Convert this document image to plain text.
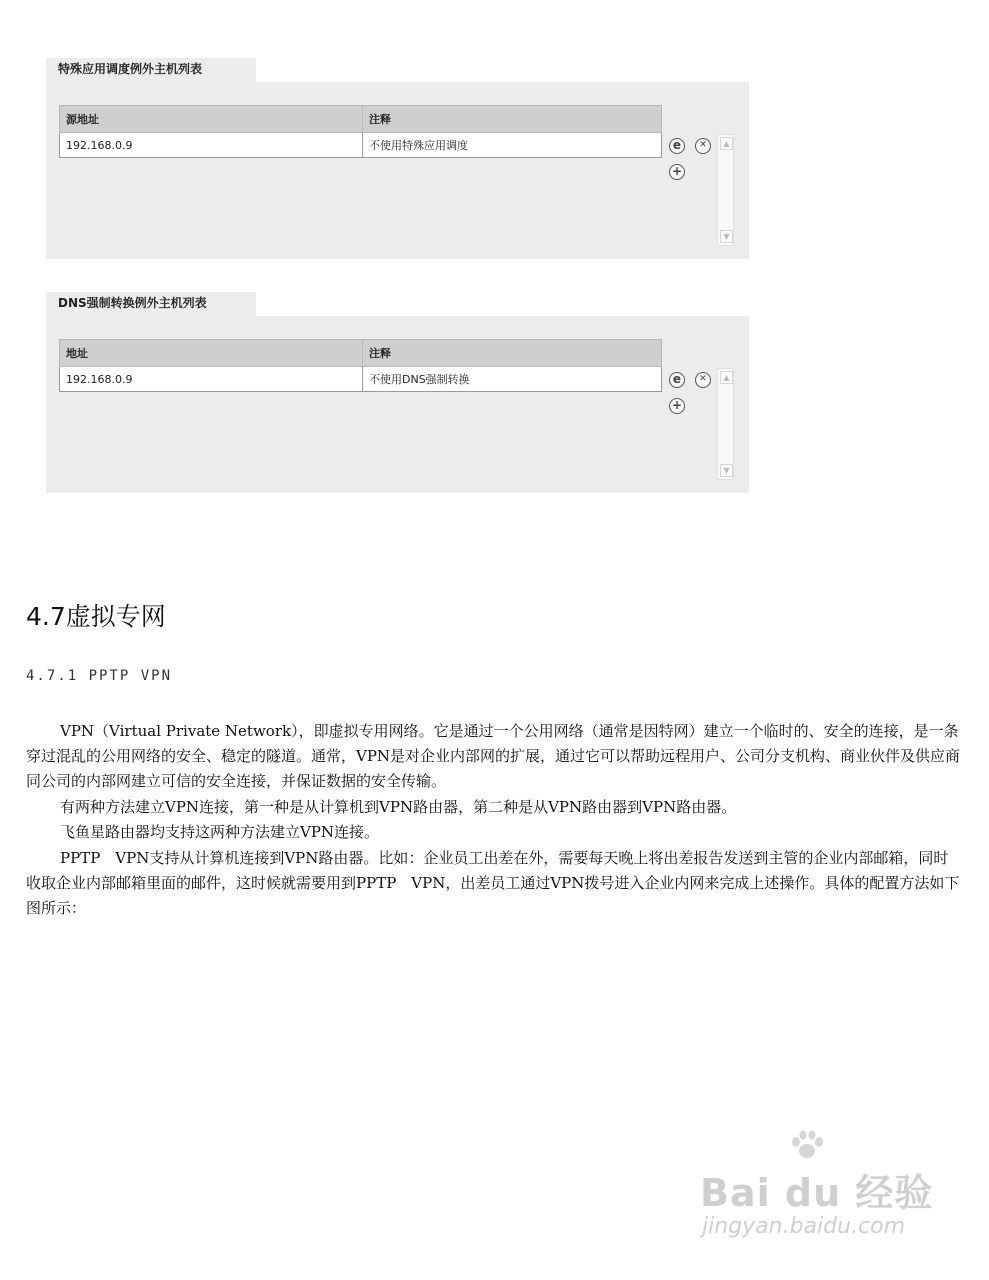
特殊应用调度例外主机列表
源地址	注释
192.168.0.9	不使用特殊应用调度	e	✕
+
▲
▼
DNS强制转换例外主机列表
地址	注释
192.168.0.9	不使用DNS强制转换	e	✕
+
▲
▼
4.7虚拟专网
4.7.1 PPTP VPN
VPN（Virtual Private Network），即虚拟专用网络。它是通过一个公用网络（通常是因特网）建立一个临时的、安全的连接，是一条穿过混乱的公用网络的安全、稳定的隧道。通常，VPN是对企业内部网的扩展，通过它可以帮助远程用户、公司分支机构、商业伙伴及供应商同公司的内部网建立可信的安全连接，并保证数据的安全传输。
有两种方法建立VPN连接，第一种是从计算机到VPN路由器，第二种是从VPN路由器到VPN路由器。
飞鱼星路由器均支持这两种方法建立VPN连接。
PPTP　VPN支持从计算机连接到VPN路由器。比如：企业员工出差在外，需要每天晚上将出差报告发送到主管的企业内部邮箱，同时收取企业内部邮箱里面的邮件，这时候就需要用到PPTP　VPN，出差员工通过VPN拨号进入企业内网来完成上述操作。具体的配置方法如下图所示：
Bai du 经验
jingyan.baidu.com
